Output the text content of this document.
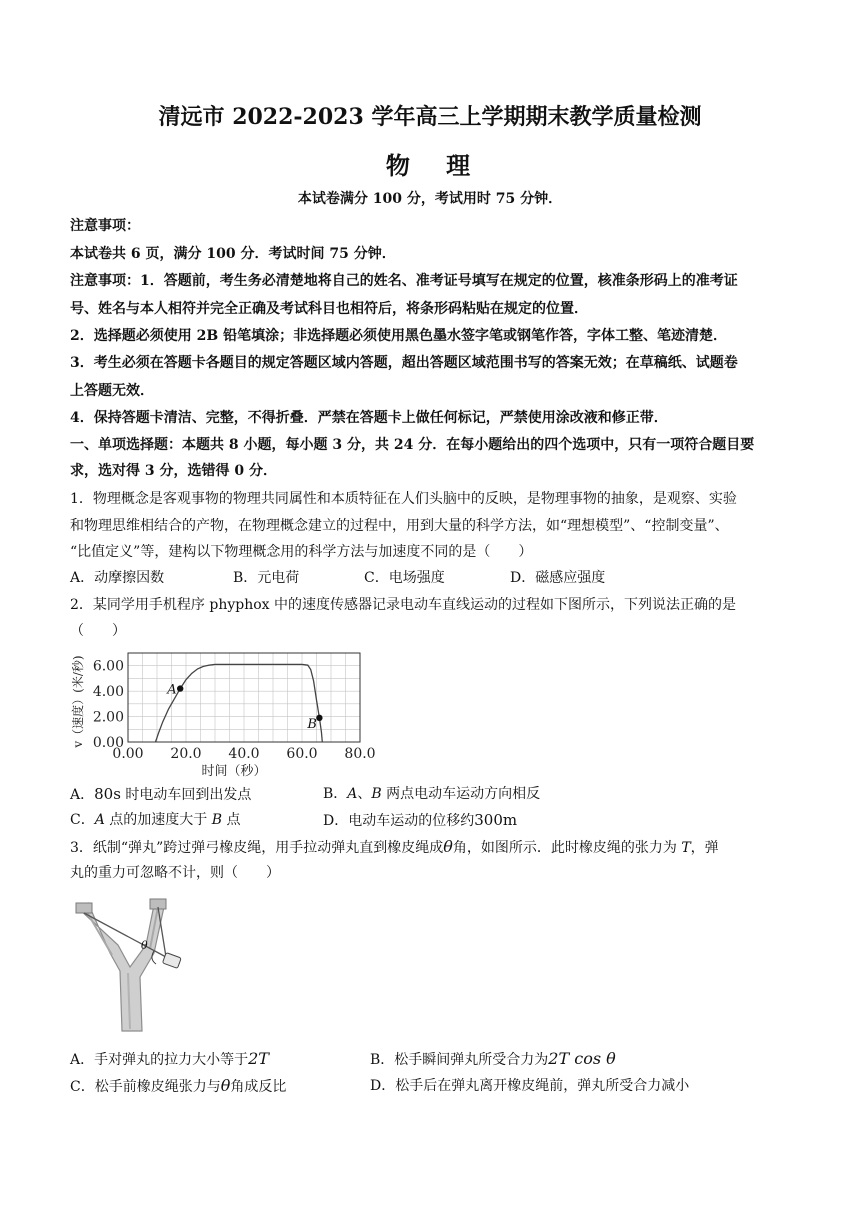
清远市 2022-2023 学年高三上学期期末教学质量检测
物 理
本试卷满分 100 分，考试用时 75 分钟．
注意事项：
本试卷共 6 页，满分 100 分．考试时间 75 分钟．
注意事项：1．答题前，考生务必清楚地将自己的姓名、准考证号填写在规定的位置，核准条形码上的准考证
号、姓名与本人相符并完全正确及考试科目也相符后，将条形码粘贴在规定的位置．
2．选择题必须使用 2B 铅笔填涂；非选择题必须使用黑色墨水签字笔或钢笔作答，字体工整、笔迹清楚．
3．考生必须在答题卡各题目的规定答题区域内答题，超出答题区域范围书写的答案无效；在草稿纸、试题卷
上答题无效．
4．保持答题卡清洁、完整，不得折叠．严禁在答题卡上做任何标记，严禁使用涂改液和修正带．
一、单项选择题：本题共 8 小题，每小题 3 分，共 24 分．在每小题给出的四个选项中，只有一项符合题目要
求，选对得 3 分，选错得 0 分．
1．物理概念是客观事物的物理共同属性和本质特征在人们头脑中的反映，是物理事物的抽象，是观察、实验
和物理思维相结合的产物，在物理概念建立的过程中，用到大量的科学方法，如“理想模型”、“控制变量”、
“比值定义”等，建构以下物理概念用的科学方法与加速度不同的是（　　）
A．动摩擦因数	B．元电荷	C．电场强度	D．磁感应强度
2．某同学用手机程序 phyphox 中的速度传感器记录电动车直线运动的过程如下图所示，下列说法正确的是
（　　）
0.00
2.00
4.00
6.00
0.00 20.0 40.0 60.0 80.0
时间（秒）
v（速度）(米/秒)	A
B
A．80s 时电动车回到出发点	B．A、B 两点电动车运动方向相反
C．A 点的加速度大于 B 点	D．电动车运动的位移约300m
3．纸制“弹丸”跨过弹弓橡皮绳，用手拉动弹丸直到橡皮绳成θ角，如图所示．此时橡皮绳的张力为 T，弹
丸的重力可忽略不计，则（　　）
θ
A．手对弹丸的拉力大小等于2T	B．松手瞬间弹丸所受合力为2T cos θ
C．松手前橡皮绳张力与θ角成反比	D．松手后在弹丸离开橡皮绳前，弹丸所受合力减小
